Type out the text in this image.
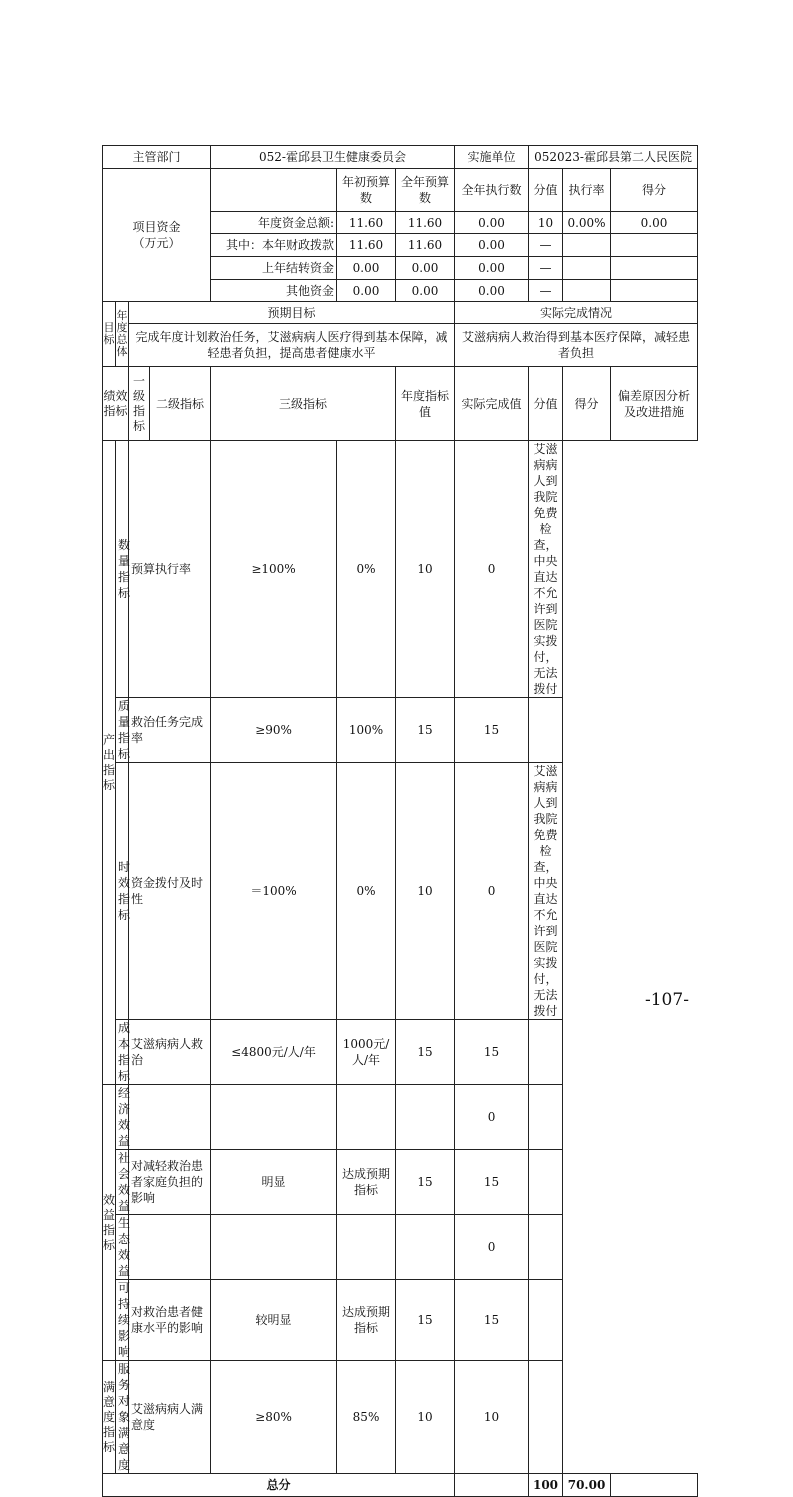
主管部门				052-霍邱县卫生健康委员会			实施单位	052023-霍邱县第二人民医院		
项目资金
（万元）					年初预算数	全年预算数	全年执行数	分值	执行率	得分
				年度资金总额:	11.60	11.60	0.00	10	0.00%	0.00
				其中：本年财政拨款	11.60	11.60	0.00	—		
				上年结转资金	0.00	0.00	0.00	—		
				其他资金	0.00	0.00	0.00	—		
目标	年度总体	预期目标					实际完成情况			
		完成年度计划救治任务，艾滋病病人医疗得到基本保障，减轻患者负担，提高患者健康水平					艾滋病病人救治得到基本医疗保障，减轻患者负担			
绩效指标		一级指标	二级指标	三级指标		年度指标值	实际完成值	分值	得分	偏差原因分析及改进措施
产出指标	数量指标	预算执行率		≥100%	0%	10	0	艾滋病病人到我院免费检查，中央直达不允许到医院实拨付，无法拨付		
	质量指标	救治任务完成率		≥90%	100%	15	15			
	时效指标	资金拨付及时性		＝100%	0%	10	0	艾滋病病人到我院免费检查，中央直达不允许到医院实拨付，无法拨付		
	成本指标	艾滋病病人救治		≤4800元/人/年	1000元/人/年	15	15			
效益指标	经济效益						0			
	社会效益	对减轻救治患者家庭负担的影响		明显	达成预期指标	15	15			
	生态效益						0			
	可持续影响	对救治患者健康水平的影响		较明显	达成预期指标	15	15			
满意度指标	服务对象满意度	艾滋病病人满意度		≥80%	85%	10	10			
总分								100	70.00	
-107-
